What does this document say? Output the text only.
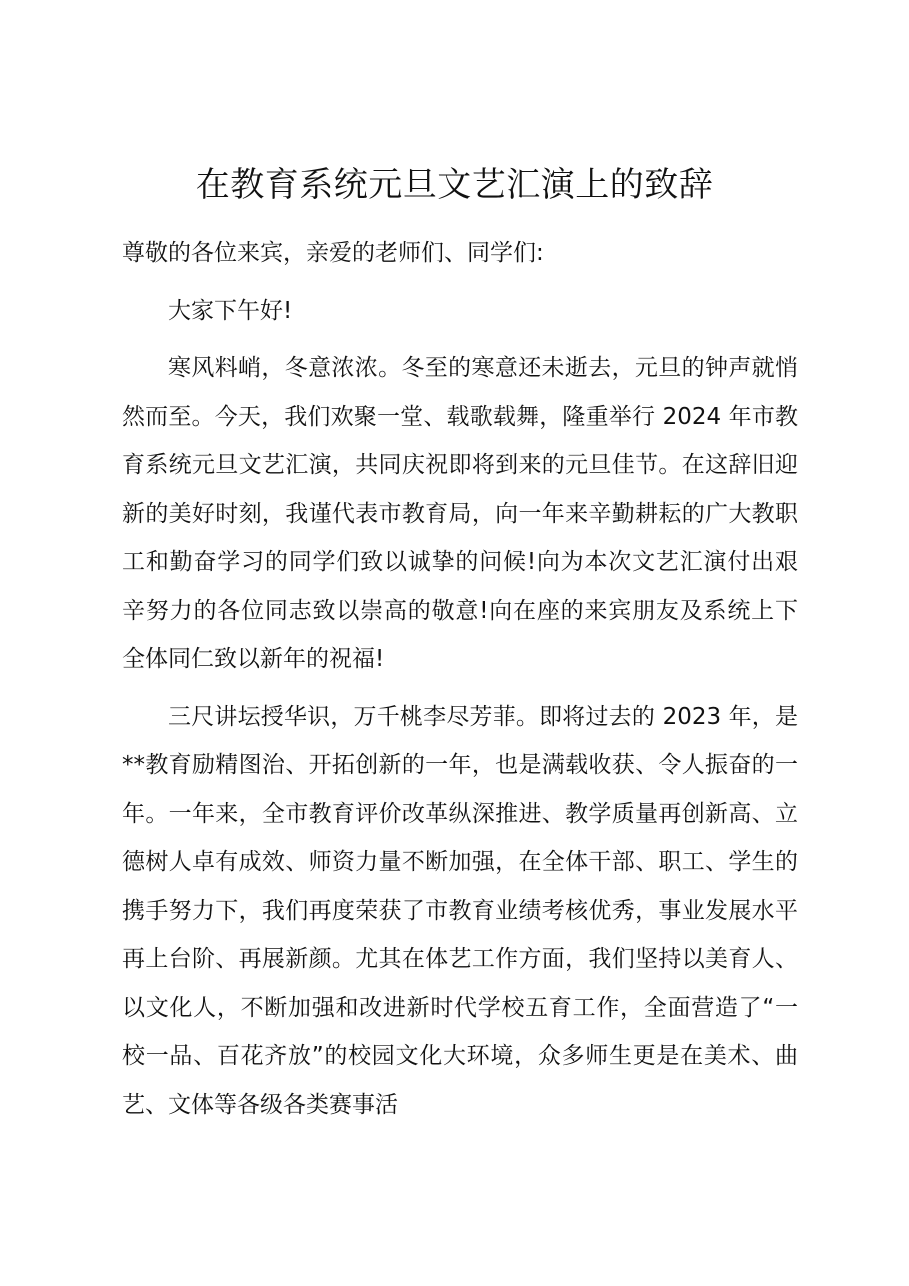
在教育系统元旦文艺汇演上的致辞

尊敬的各位来宾，亲爱的老师们、同学们:

大家下午好!

寒风料峭，冬意浓浓。冬至的寒意还未逝去，元旦的钟声就悄然而至。今天，我们欢聚一堂、载歌载舞，隆重举行 2024 年市教育系统元旦文艺汇演，共同庆祝即将到来的元旦佳节。在这辞旧迎新的美好时刻，我谨代表市教育局，向一年来辛勤耕耘的广大教职工和勤奋学习的同学们致以诚挚的问候!向为本次文艺汇演付出艰辛努力的各位同志致以崇高的敬意!向在座的来宾朋友及系统上下全体同仁致以新年的祝福!

三尺讲坛授华识，万千桃李尽芳菲。即将过去的 2023 年，是**教育励精图治、开拓创新的一年，也是满载收获、令人振奋的一年。一年来，全市教育评价改革纵深推进、教学质量再创新高、立德树人卓有成效、师资力量不断加强，在全体干部、职工、学生的携手努力下，我们再度荣获了市教育业绩考核优秀，事业发展水平再上台阶、再展新颜。尤其在体艺工作方面，我们坚持以美育人、以文化人，不断加强和改进新时代学校五育工作，全面营造了“一校一品、百花齐放”的校园文化大环境，众多师生更是在美术、曲艺、文体等各级各类赛事活
